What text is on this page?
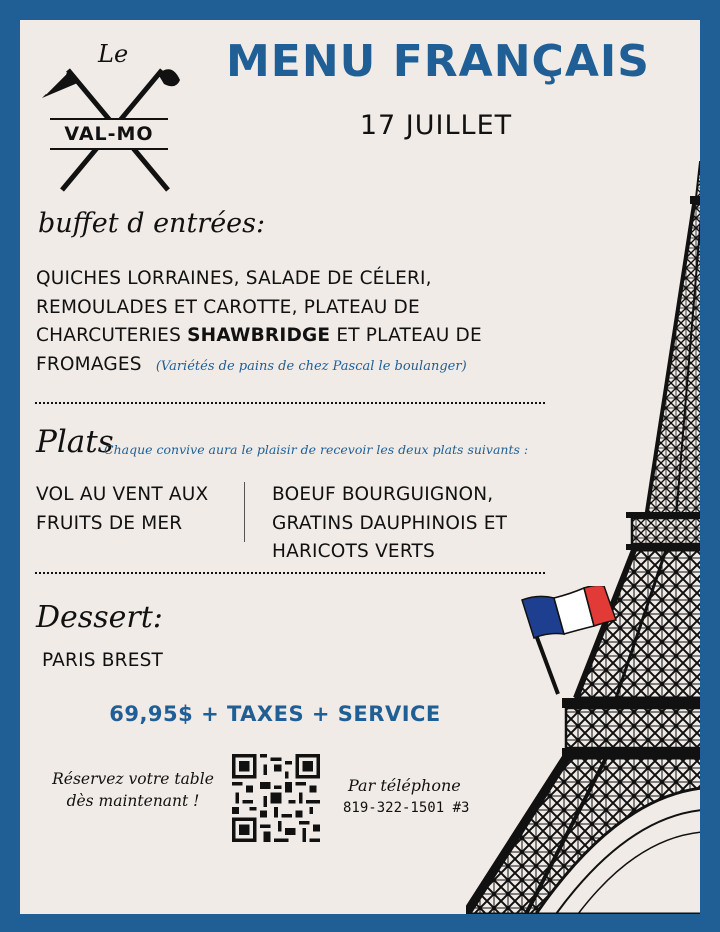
Le
VAL-MO
MENU FRANÇAIS
17 JUILLET
buffet d entrées:
QUICHES LORRAINES, SALADE DE CÉLERI, REMOULADES ET CAROTTE, PLATEAU DE CHARCUTERIES SHAWBRIDGE ET PLATEAU DE FROMAGES (Variétés de pains de chez Pascal le boulanger)
Plats
Chaque convive aura le plaisir de recevoir les deux plats suivants :
VOL AU VENT AUX FRUITS DE MER
BOEUF BOURGUIGNON, GRATINS DAUPHINOIS ET HARICOTS VERTS
Dessert:
PARIS BREST
69,95$ + TAXES + SERVICE
Réservez votre table
dès maintenant !
Par téléphone
819-322-1501 #3
